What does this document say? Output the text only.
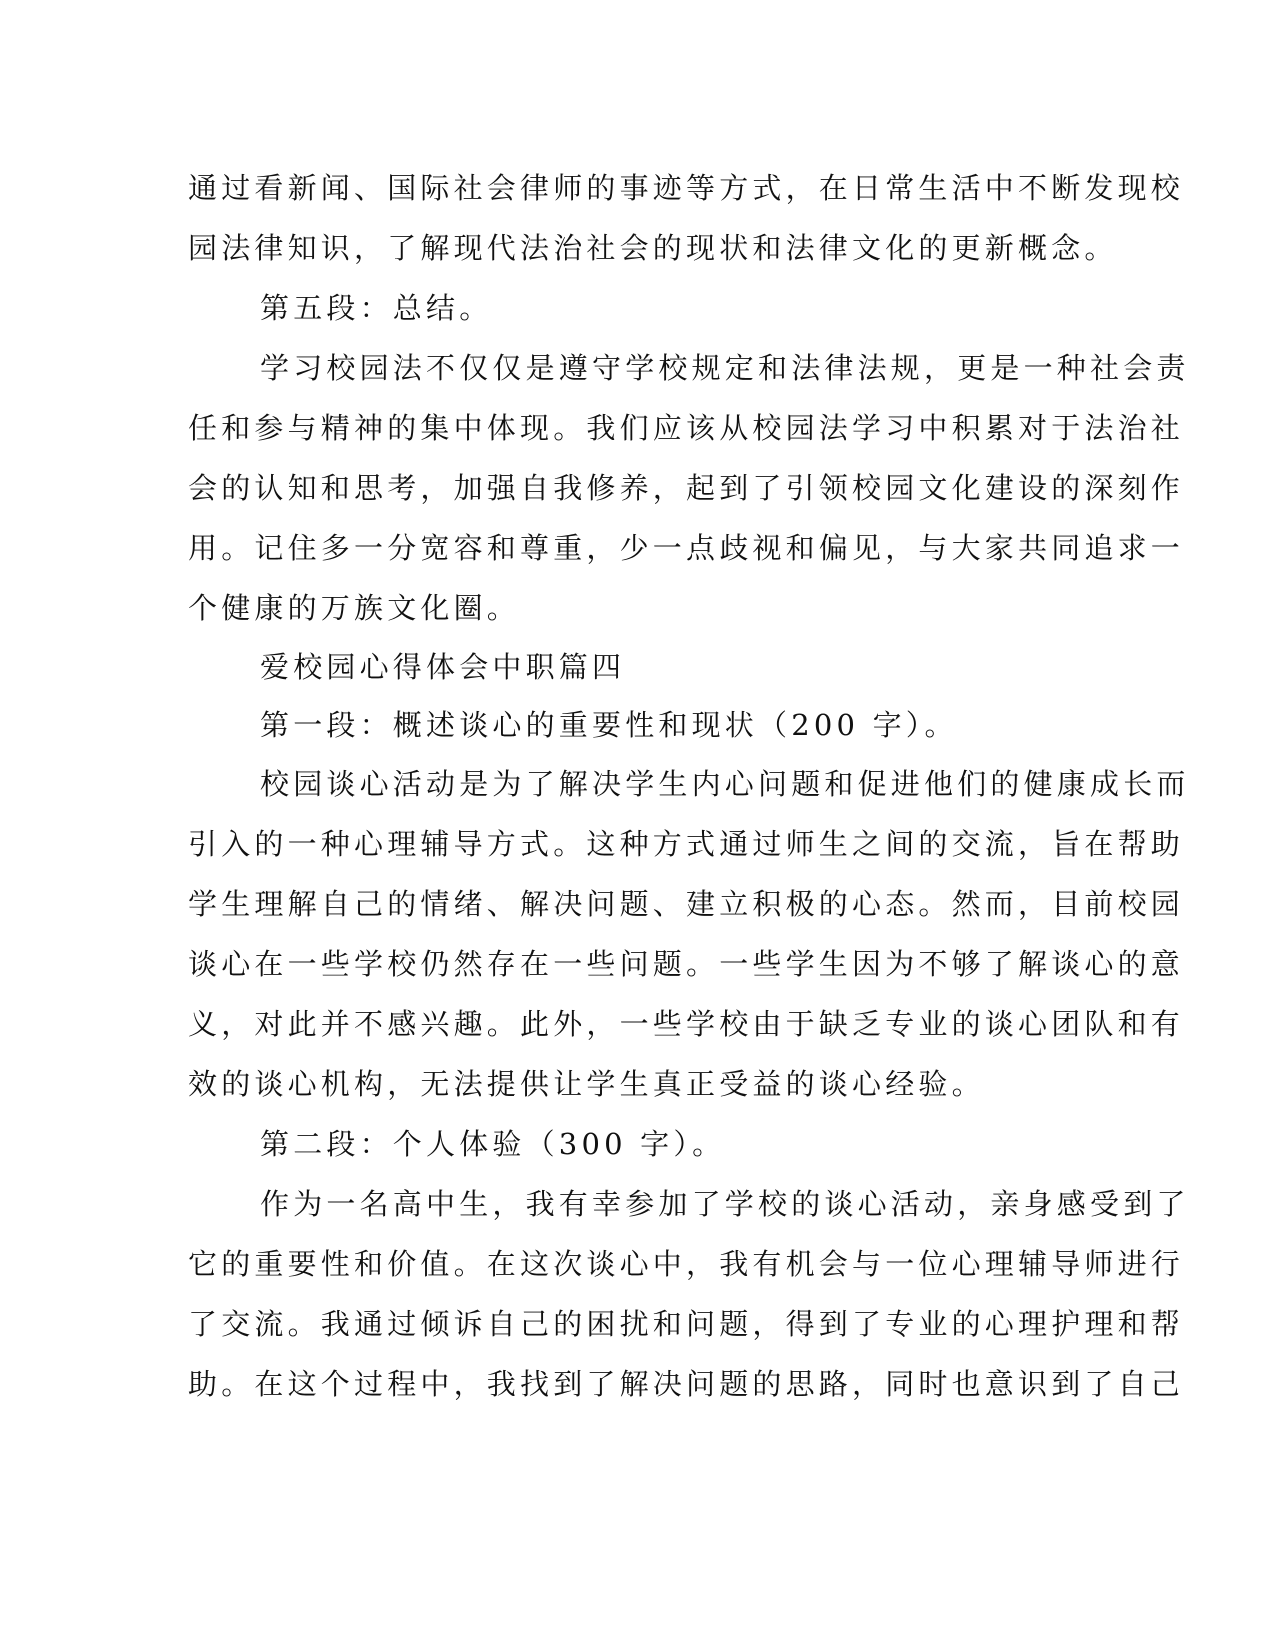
通过看新闻、国际社会律师的事迹等方式，在日常生活中不断发现校
园法律知识，了解现代法治社会的现状和法律文化的更新概念。
第五段：总结。
学习校园法不仅仅是遵守学校规定和法律法规，更是一种社会责
任和参与精神的集中体现。我们应该从校园法学习中积累对于法治社
会的认知和思考，加强自我修养，起到了引领校园文化建设的深刻作
用。记住多一分宽容和尊重，少一点歧视和偏见，与大家共同追求一
个健康的万族文化圈。
爱校园心得体会中职篇四
第一段：概述谈心的重要性和现状（200 字）。
校园谈心活动是为了解决学生内心问题和促进他们的健康成长而
引入的一种心理辅导方式。这种方式通过师生之间的交流，旨在帮助
学生理解自己的情绪、解决问题、建立积极的心态。然而，目前校园
谈心在一些学校仍然存在一些问题。一些学生因为不够了解谈心的意
义，对此并不感兴趣。此外，一些学校由于缺乏专业的谈心团队和有
效的谈心机构，无法提供让学生真正受益的谈心经验。
第二段：个人体验（300 字）。
作为一名高中生，我有幸参加了学校的谈心活动，亲身感受到了
它的重要性和价值。在这次谈心中，我有机会与一位心理辅导师进行
了交流。我通过倾诉自己的困扰和问题，得到了专业的心理护理和帮
助。在这个过程中，我找到了解决问题的思路，同时也意识到了自己
